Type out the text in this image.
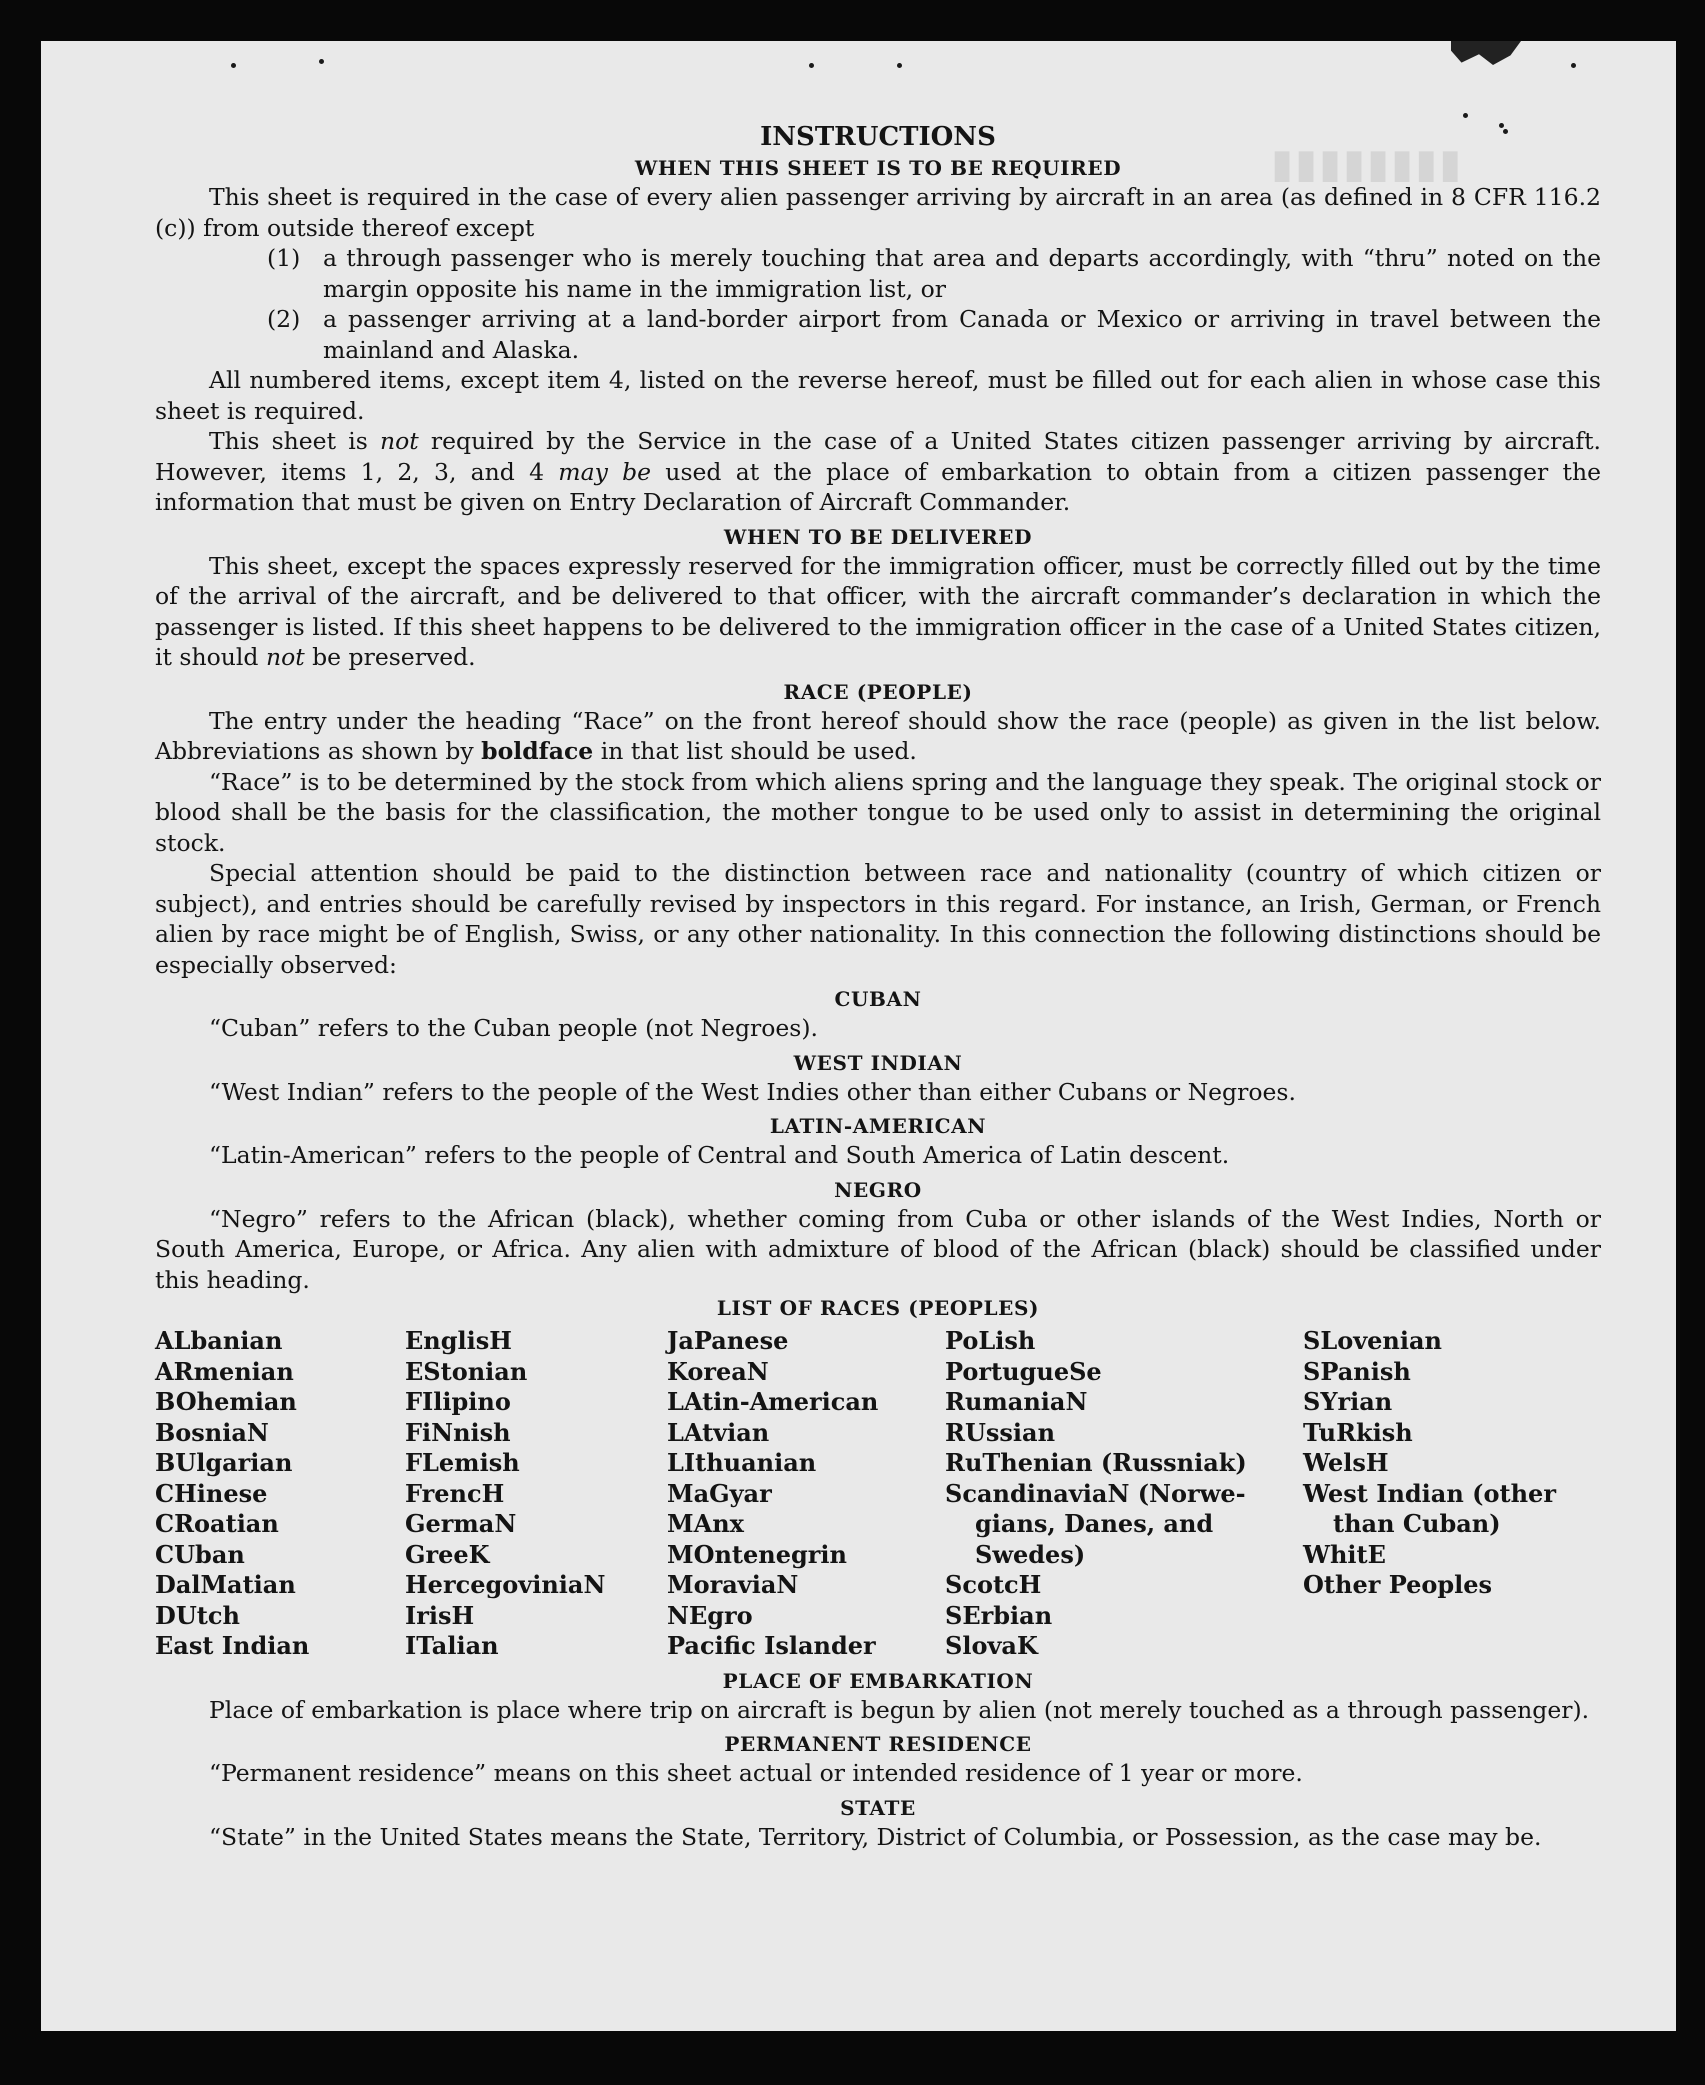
▮▮▮▮▮▮▮▮
INSTRUCTIONS
WHEN THIS SHEET IS TO BE REQUIRED

This sheet is required in the case of every alien passenger arriving by aircraft in an area (as defined in 8 CFR 116.2 (c)) from outside thereof except

(1) a through passenger who is merely touching that area and departs accordingly, with “thru” noted on the margin opposite his name in the immigration list, or
(2) a passenger arriving at a land-border airport from Canada or Mexico or arriving in travel between the mainland and Alaska.

All numbered items, except item 4, listed on the reverse hereof, must be filled out for each alien in whose case this sheet is required.

This sheet is not required by the Service in the case of a United States citizen passenger arriving by aircraft. However, items 1, 2, 3, and 4 may be used at the place of embarkation to obtain from a citizen passenger the information that must be given on Entry Declaration of Aircraft Commander.

WHEN TO BE DELIVERED

This sheet, except the spaces expressly reserved for the immigration officer, must be correctly filled out by the time of the arrival of the aircraft, and be delivered to that officer, with the aircraft commander’s declaration in which the passenger is listed. If this sheet happens to be delivered to the immigration officer in the case of a United States citizen, it should not be preserved.

RACE (PEOPLE)

The entry under the heading “Race” on the front hereof should show the race (people) as given in the list below. Abbreviations as shown by boldface in that list should be used.

“Race” is to be determined by the stock from which aliens spring and the language they speak. The original stock or blood shall be the basis for the classification, the mother tongue to be used only to assist in determining the original stock.

Special attention should be paid to the distinction between race and nationality (country of which citizen or subject), and entries should be carefully revised by inspectors in this regard. For instance, an Irish, German, or French alien by race might be of English, Swiss, or any other nationality. In this connection the following distinctions should be especially observed:

CUBAN

“Cuban” refers to the Cuban people (not Negroes).

WEST INDIAN

“West Indian” refers to the people of the West Indies other than either Cubans or Negroes.

LATIN-AMERICAN

“Latin-American” refers to the people of Central and South America of Latin descent.

NEGRO

“Negro” refers to the African (black), whether coming from Cuba or other islands of the West Indies, North or South America, Europe, or Africa. Any alien with admixture of blood of the African (black) should be classified under this heading.

LIST OF RACES (PEOPLES)
ALbanian
ARmenian
BOhemian
BosniaN
BUlgarian
CHinese
CRoatian
CUban
DalMatian
DUtch
East Indian
EnglisH
EStonian
FIlipino
FiNnish
FLemish
FrencH
GermaN
GreeK
HercegoviniaN
IrisH
ITalian
JaPanese
KoreaN
LAtin-American
LAtvian
LIthuanian
MaGyar
MAnx
MOntenegrin
MoraviaN
NEgro
Pacific Islander
PoLish
PortugueSe
RumaniaN
RUssian
RuThenian (Russniak)
ScandinaviaN (Norwe-
gians, Danes, and
Swedes)
ScotcH
SErbian
SlovaK
SLovenian
SPanish
SYrian
TuRkish
WelsH
West Indian (other
than Cuban)
WhitE
Other Peoples
PLACE OF EMBARKATION

Place of embarkation is place where trip on aircraft is begun by alien (not merely touched as a through passenger).

PERMANENT RESIDENCE

“Permanent residence” means on this sheet actual or intended residence of 1 year or more.

STATE

“State” in the United States means the State, Territory, District of Columbia, or Possession, as the case may be.
